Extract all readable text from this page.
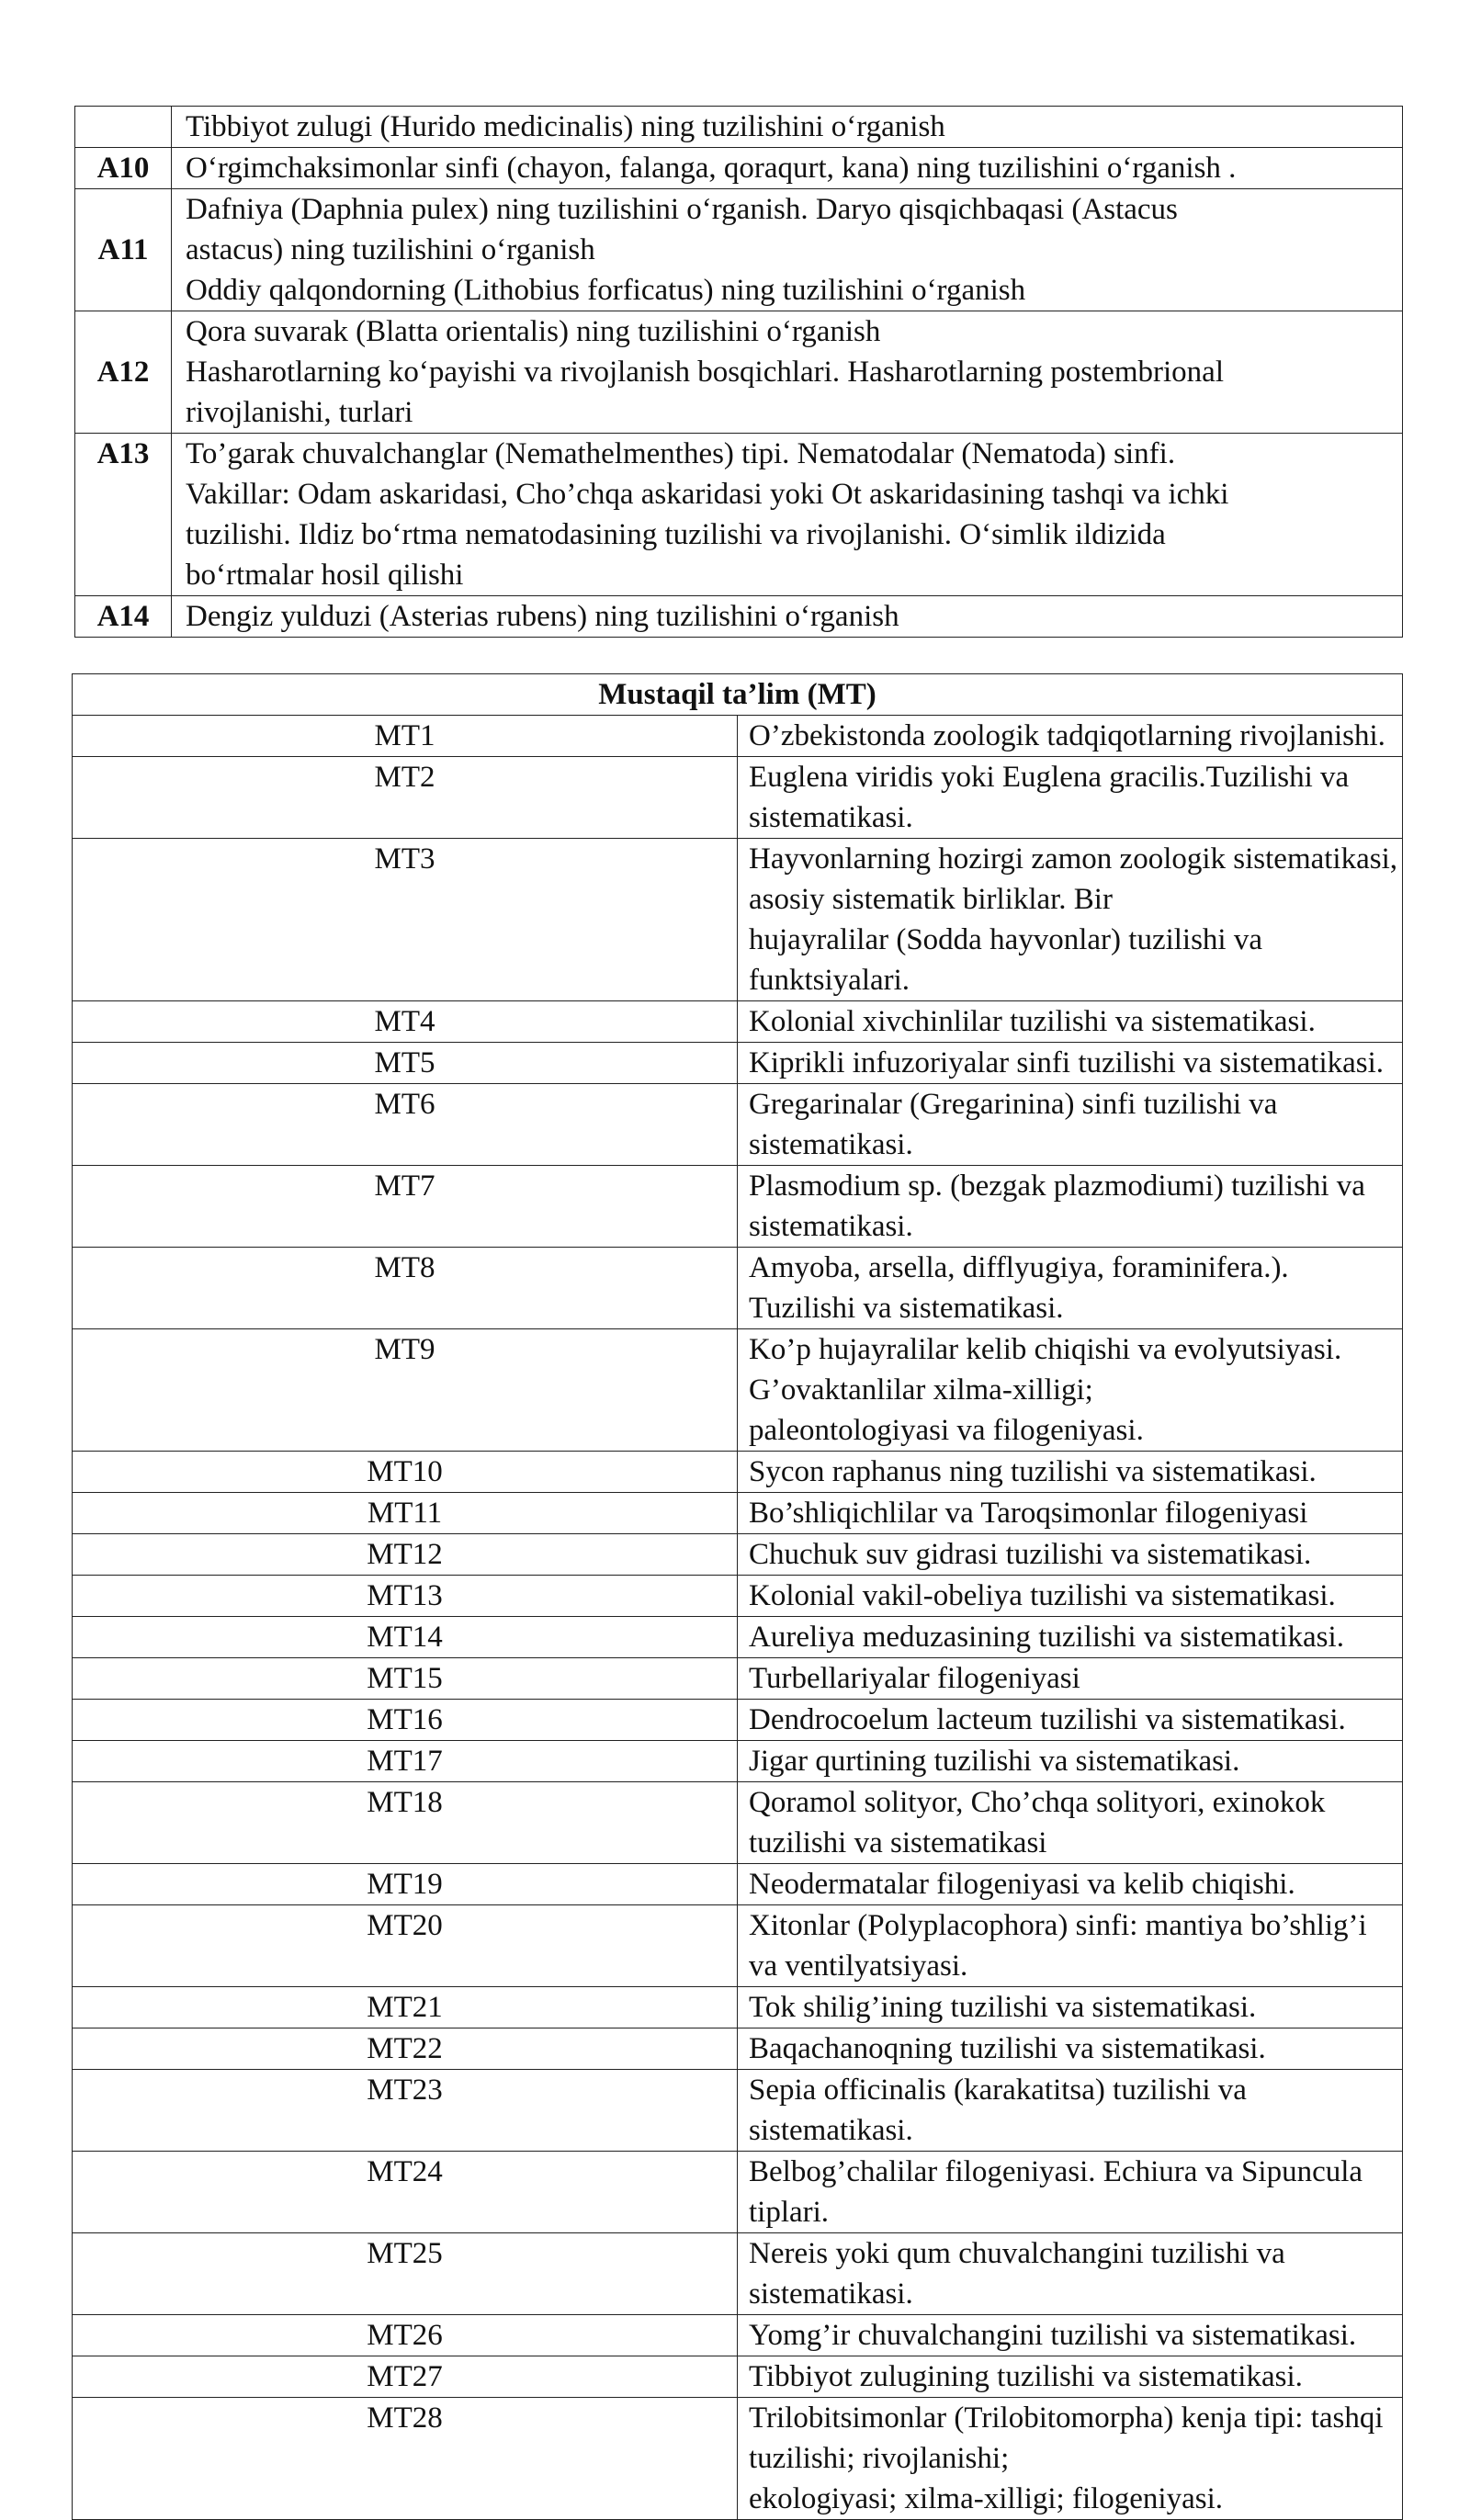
	Tibbiyot zulugi (Hurido medicinalis) ning tuzilishini o‘rganish

A10	O‘rgimchaksimonlar sinfi (chayon, falanga, qoraqurt, kana) ning tuzilishini o‘rganish .

A11	Dafniya (Daphnia pulex) ning tuzilishini o‘rganish. Daryo qisqichbaqasi (Astacus
astacus) ning tuzilishini o‘rganish
Oddiy qalqondorning (Lithobius forficatus) ning tuzilishini o‘rganish

A12	Qora suvarak (Blatta orientalis) ning tuzilishini o‘rganish
Hasharotlarning ko‘payishi va rivojlanish bosqichlari. Hasharotlarning postembrional
rivojlanishi, turlari

A13	To’garak chuvalchanglar (Nemathelmenthes) tipi. Nematodalar (Nematoda) sinfi.
Vakillar: Odam askaridasi, Cho’chqa askaridasi yoki Ot askaridasining tashqi va ichki
tuzilishi. Ildiz bo‘rtma nematodasining tuzilishi va rivojlanishi. O‘simlik ildizida
bo‘rtmalar hosil qilishi

A14	Dengiz yulduzi (Asterias rubens) ning tuzilishini o‘rganish
Mustaqil ta’lim (MT)	
MT1	O’zbekistonda zoologik tadqiqotlarning rivojlanishi.

MT2	Euglena viridis yoki Euglena gracilis.Tuzilishi va sistematikasi.

MT3	Hayvonlarning hozirgi zamon zoologik sistematikasi, asosiy sistematik birliklar. Bir
hujayralilar (Sodda hayvonlar) tuzilishi va funktsiyalari.

MT4	Kolonial xivchinlilar tuzilishi va sistematikasi.

MT5	Kiprikli infuzoriyalar sinfi tuzilishi va sistematikasi.

MT6	Gregarinalar (Gregarinina) sinfi tuzilishi va sistematikasi.

MT7	Plasmodium sp. (bezgak plazmodiumi) tuzilishi va sistematikasi.

MT8	Amyoba, arsella, difflyugiya, foraminifera.). Tuzilishi va sistematikasi.

MT9	Ko’p hujayralilar kelib chiqishi va evolyutsiyasi. G’ovaktanlilar xilma-xilligi;
paleontologiyasi va filogeniyasi.

MT10	Sycon raphanus ning tuzilishi va sistematikasi.

MT11	Bo’shliqichlilar va Taroqsimonlar filogeniyasi

MT12	Chuchuk suv gidrasi tuzilishi va sistematikasi.

MT13	Kolonial vakil-obeliya tuzilishi va sistematikasi.

MT14	Aureliya meduzasining tuzilishi va sistematikasi.

MT15	Turbellariyalar filogeniyasi

MT16	Dendrocoelum lacteum tuzilishi va sistematikasi.

MT17	Jigar qurtining tuzilishi va sistematikasi.

MT18	Qoramol solityor, Cho’chqa solityori, exinokok tuzilishi va sistematikasi

MT19	Neodermatalar filogeniyasi va kelib chiqishi.

MT20	Xitonlar (Polyplacophora) sinfi: mantiya bo’shlig’i va ventilyatsiyasi.

MT21	Tok shilig’ining tuzilishi va sistematikasi.

MT22	Baqachanoqning tuzilishi va sistematikasi.

MT23	Sepia officinalis (karakatitsa) tuzilishi va sistematikasi.

MT24	Belbog’chalilar filogeniyasi. Echiura va Sipuncula tiplari.

MT25	Nereis yoki qum chuvalchangini tuzilishi va sistematikasi.

MT26	Yomg’ir chuvalchangini tuzilishi va sistematikasi.

MT27	Tibbiyot zulugining tuzilishi va sistematikasi.

MT28	Trilobitsimonlar (Trilobitomorpha) kenja tipi: tashqi tuzilishi; rivojlanishi;
ekologiyasi; xilma-xilligi; filogeniyasi.
